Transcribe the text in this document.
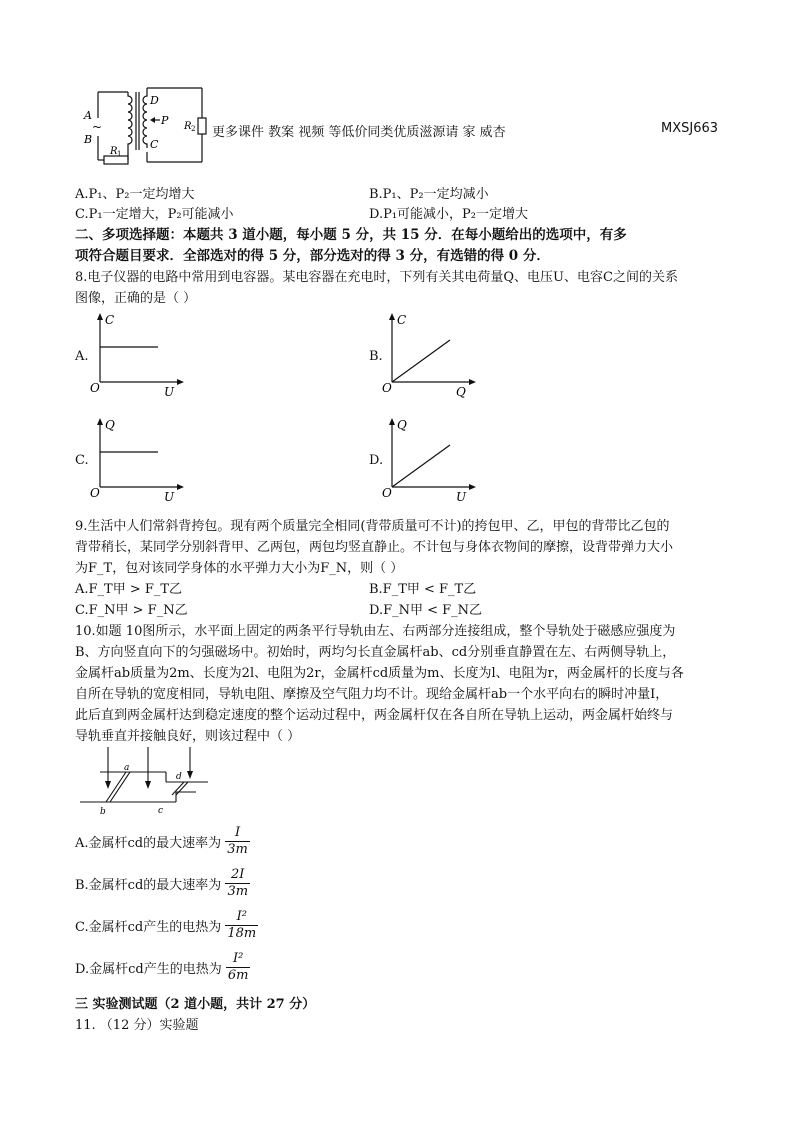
A
~
B
D
P
C
R 1
R 2 更多课件 教案 视频 等低价同类优质滋源请 家 威杏	MXSJ663
A.P₁、P₂一定均增大	B.P₁、P₂一定均减小
C.P₁一定增大，P₂可能减小	D.P₁可能减小，P₂一定增大
二、多项选择题：本题共 3 道小题，每小题 5 分，共 15 分．在每小题给出的选项中，有多
项符合题目要求．全部选对的得 5 分，部分选对的得 3 分，有选错的得 0 分．
8.电子仪器的电路中常用到电容器。某电容器在充电时，下列有关其电荷量Q、电压U、电容C之间的关系
图像，正确的是（ ）
A.
C
U
O
B.
C
Q
O
C.
Q
U
O
D.
Q
U
O
9.生活中人们常斜背挎包。现有两个质量完全相同(背带质量可不计)的挎包甲、乙，甲包的背带比乙包的
背带稍长，某同学分别斜背甲、乙两包，两包均竖直静止。不计包与身体衣物间的摩擦，设背带弹力大小
为F_T，包对该同学身体的水平弹力大小为F_N，则（ ）
A.F_T甲 > F_T乙	B.F_T甲 < F_T乙
C.F_N甲 > F_N乙	D.F_N甲 < F_N乙
10.如题 10图所示，水平面上固定的两条平行导轨由左、右两部分连接组成，整个导轨处于磁感应强度为
B、方向竖直向下的匀强磁场中。初始时，两均匀长直金属杆ab、cd分别垂直静置在左、右两侧导轨上，
金属杆ab质量为2m、长度为2l、电阻为2r，金属杆cd质量为m、长度为l、电阻为r，两金属杆的长度与各
自所在导轨的宽度相同，导轨电阻、摩擦及空气阻力均不计。现给金属杆ab一个水平向右的瞬时冲量I，
此后直到两金属杆达到稳定速度的整个运动过程中，两金属杆仅在各自所在导轨上运动，两金属杆始终与
导轨垂直并接触良好，则该过程中（ ）
a
b	c
d
A.金属杆cd的最大速率为 $\frac{I}{3m}$
B.金属杆cd的最大速率为 $\frac{2I}{3m}$
C.金属杆cd产生的电热为 $\frac{\text{I²}}{18m}$
D.金属杆cd产生的电热为 $\frac{\text{I²}}{6m}$
三 实验测试题（2 道小题，共计 27 分）
11. （12 分）实验题
